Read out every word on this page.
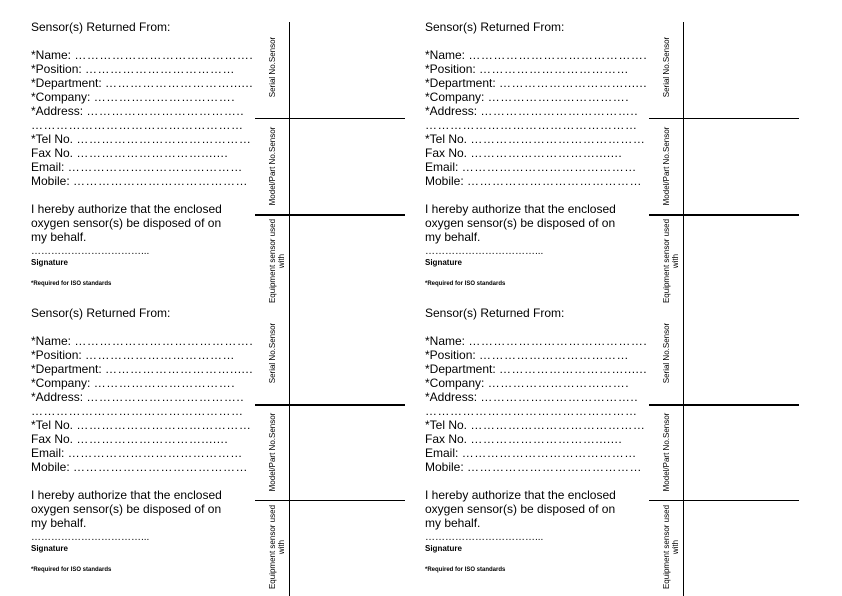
Sensor(s) Returned From:
*Name: …………………………………….
*Position: ………………………………
*Department: …………………………......
*Company: …………………………….
*Address: ………………………………..
……………………………………………
*Tel No. ……………………………………
Fax No. ………………………….......
Email: ……………………………………
Mobile: ……………………………………
I hereby authorize that the enclosed
oxygen sensor(s) be disposed of on
my behalf.
……………………………...
Signature
*Required for ISO standards
Serial No.Sensor
Model/Part No.Sensor
Equipment sensor used with
Sensor(s) Returned From:
*Name: …………………………………….
*Position: ………………………………
*Department: …………………………......
*Company: …………………………….
*Address: ………………………………..
……………………………………………
*Tel No. ……………………………………
Fax No. ………………………….......
Email: ……………………………………
Mobile: ……………………………………
I hereby authorize that the enclosed
oxygen sensor(s) be disposed of on
my behalf.
……………………………...
Signature
*Required for ISO standards
Serial No.Sensor
Model/Part No.Sensor
Equipment sensor used with
Sensor(s) Returned From:
*Name: …………………………………….
*Position: ………………………………
*Department: …………………………......
*Company: …………………………….
*Address: ………………………………..
……………………………………………
*Tel No. ……………………………………
Fax No. ………………………….......
Email: ……………………………………
Mobile: ……………………………………
I hereby authorize that the enclosed
oxygen sensor(s) be disposed of on
my behalf.
……………………………...
Signature
*Required for ISO standards
Serial No.Sensor
Model/Part No.Sensor
Equipment sensor used with
Sensor(s) Returned From:
*Name: …………………………………….
*Position: ………………………………
*Department: …………………………......
*Company: …………………………….
*Address: ………………………………..
……………………………………………
*Tel No. ……………………………………
Fax No. ………………………….......
Email: ……………………………………
Mobile: ……………………………………
I hereby authorize that the enclosed
oxygen sensor(s) be disposed of on
my behalf.
……………………………...
Signature
*Required for ISO standards
Serial No.Sensor
Model/Part No.Sensor
Equipment sensor used with
